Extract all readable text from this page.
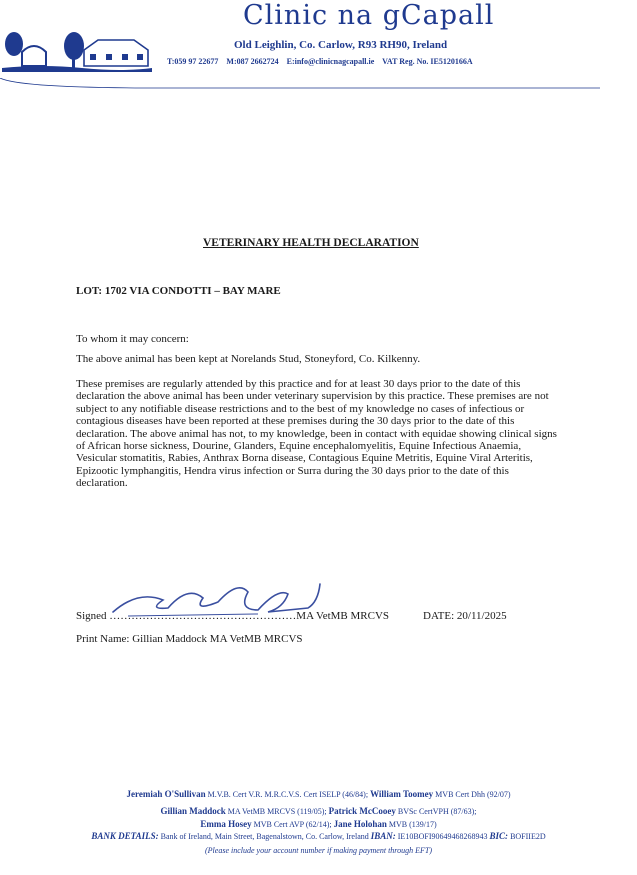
Clinic na gCapall
Old Leighlin, Co. Carlow, R93 RH90, Ireland
T:059 97 22677 M:087 2662724 E:info@clinicnagcapall.ie VAT Reg. No. IE5120166A
VETERINARY HEALTH DECLARATION
LOT: 1702 VIA CONDOTTI – BAY MARE
To whom it may concern:
The above animal has been kept at Norelands Stud, Stoneyford, Co. Kilkenny.
These premises are regularly attended by this practice and for at least 30 days prior to the date of this declaration the above animal has been under veterinary supervision by this practice. These premises are not subject to any notifiable disease restrictions and to the best of my knowledge no cases of infectious or contagious diseases have been reported at these premises during the 30 days prior to the date of this declaration. The above animal has not, to my knowledge, been in contact with equidae showing clinical signs of African horse sickness, Dourine, Glanders, Equine encephalomyelitis, Equine Infectious Anaemia, Vesicular stomatitis, Rabies, Anthrax Borna disease, Contagious Equine Metritis, Equine Viral Arteritis, Epizootic lymphangitis, Hendra virus infection or Surra during the 30 days prior to the date of this declaration.
Signed ……………………………………………MA VetMB MRCVS	DATE: 20/11/2025
Print Name: Gillian Maddock MA VetMB MRCVS
Jeremiah O'Sullivan M.V.B. Cert V.R. M.R.C.V.S. Cert ISELP (46/84); William Toomey MVB Cert Dhh (92/07)
Gillian Maddock MA VetMB MRCVS (119/05); Patrick McCooey BVSc CertVPH (87/63);
Emma Hosey MVB Cert AVP (62/14); Jane Holohan MVB (139/17)
BANK DETAILS: Bank of Ireland, Main Street, Bagenalstown, Co. Carlow, Ireland IBAN: IE10BOFI90649468268943 BIC: BOFIIE2D
(Please include your account number if making payment through EFT)
